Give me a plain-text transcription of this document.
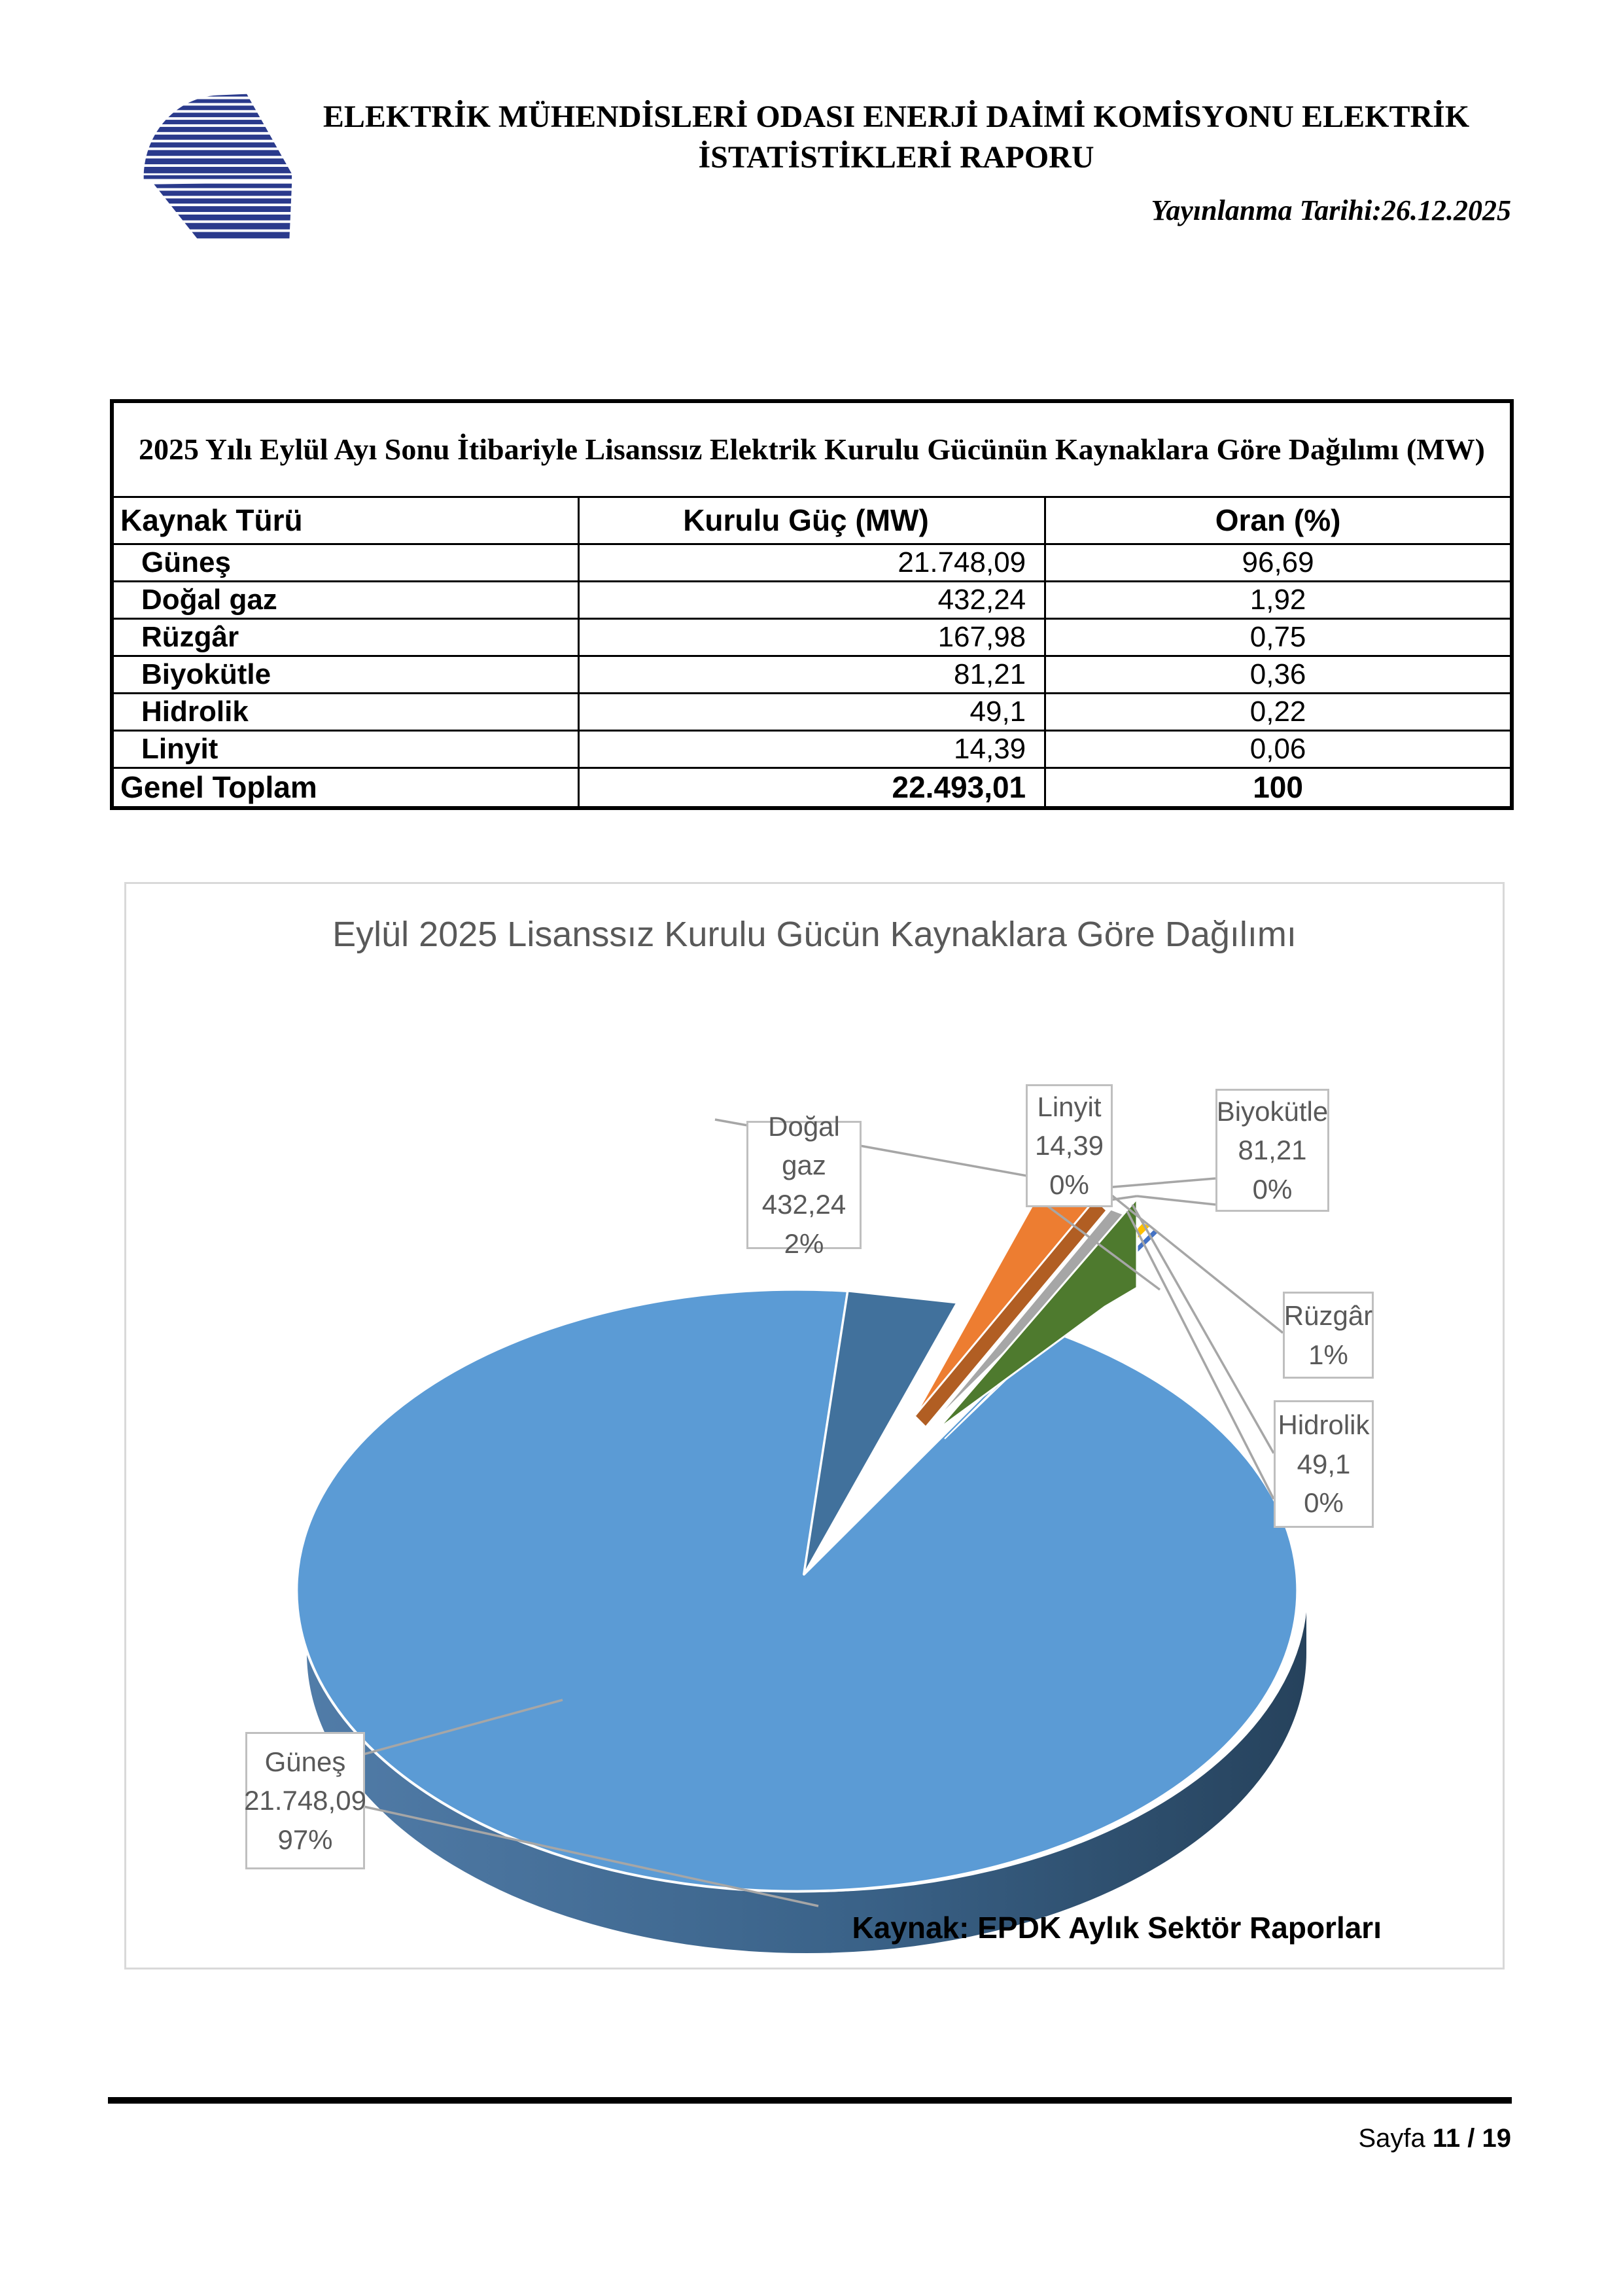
ELEKTRİK MÜHENDİSLERİ ODASI ENERJİ DAİMİ KOMİSYONU ELEKTRİK
İSTATİSTİKLERİ RAPORU
Yayınlanma Tarihi:26.12.2025
2025 Yılı Eylül Ayı Sonu İtibariyle Lisanssız Elektrik Kurulu Gücünün Kaynaklara Göre Dağılımı (MW)		
Kaynak Türü	Kurulu Güç (MW)	Oran (%)
Güneş	21.748,09	96,69
Doğal gaz	432,24	1,92
Rüzgâr	167,98	0,75
Biyokütle	81,21	0,36
Hidrolik	49,1	0,22
Linyit	14,39	0,06
Genel Toplam	22.493,01	100
Eylül 2025 Lisanssız Kurulu Gücün Kaynaklara Göre Dağılımı
Doğal gaz
432,24
2%
Linyit
14,39
0%
Biyokütle
81,21
0%
Rüzgâr
1%
Hidrolik
49,1
0%
Güneş
21.748,09
97%
Kaynak: EPDK Aylık Sektör Raporları
Sayfa 11 / 19
